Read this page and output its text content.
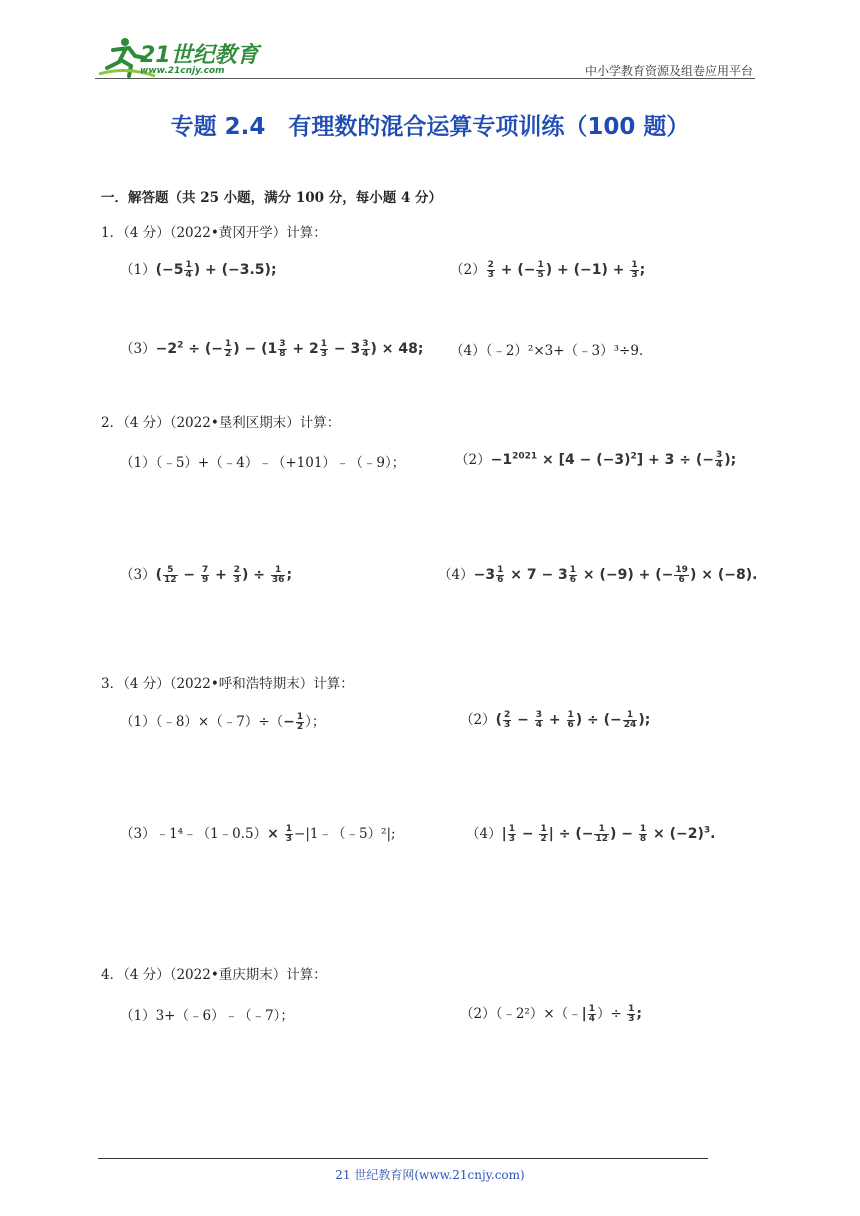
21世纪教育
www.21cnjy.com	中小学教育资源及组卷应用平台
专题 2.4　有理数的混合运算专项训练（100 题）
一．解答题（共 25 小题，满分 100 分，每小题 4 分）
1．（4 分）（2022•黄冈开学）计算：
$(1)(-5 \frac{1}{4}$ ) + (−3.5);	$(2) \frac{2}{3}$ + (− $\frac{1}{5}$ ) + $(-1) + \frac{1}{3}$ ;
$(3)-2^2$ ÷ (− $\frac{1}{2}$ ) − ($1 \frac{3}{8} + 2 \frac{1}{3} - 3 \frac{3}{4}$ ) × 48; （4）（﹣2）²×3+（﹣3）³÷9．
2．（4 分）（2022•垦利区期末）计算：
（1）（﹣5）+（﹣4）﹣（+101）﹣（﹣9）；	$(2)-1^{2021} \times [4 - (-3)^2] + 3$ ÷ (− $\frac{3}{4}$ );
$(3)( \frac{5}{12} - \frac{7}{9} + \frac{2}{3}$ ) ÷ $\frac{1}{36}$ ;	$(4)-3 \frac{1}{6} \times 7 - 3 \frac{1}{6} \times (-9)$ + (− $\frac{19}{6}$ ) × (−8).
3．（4 分）（2022•呼和浩特期末）计算：
（1）（﹣8）×（﹣7）÷（− $\frac{1}{2}$ ）；	$(2)( \frac{2}{3} - \frac{3}{4} + \frac{1}{6}$ ) ÷ (− $\frac{1}{24}$ );
（3）﹣1⁴﹣（1﹣0.5）× $\frac{1}{3}$ −|1﹣（﹣5）²|;	$(4)| \frac{1}{3} - \frac{1}{2}$ | ÷ (− $\frac{1}{12}$ ) − $\frac{1}{8} \times (-2)^3$.
4．（4 分）（2022•重庆期末）计算：
（1）3+（﹣6）﹣（﹣7）；	（2）（﹣2²）×（﹣| $\frac{1}{4}$ ）÷ $\frac{1}{3}$ ;
21 世纪教育网(www.21cnjy.com)
